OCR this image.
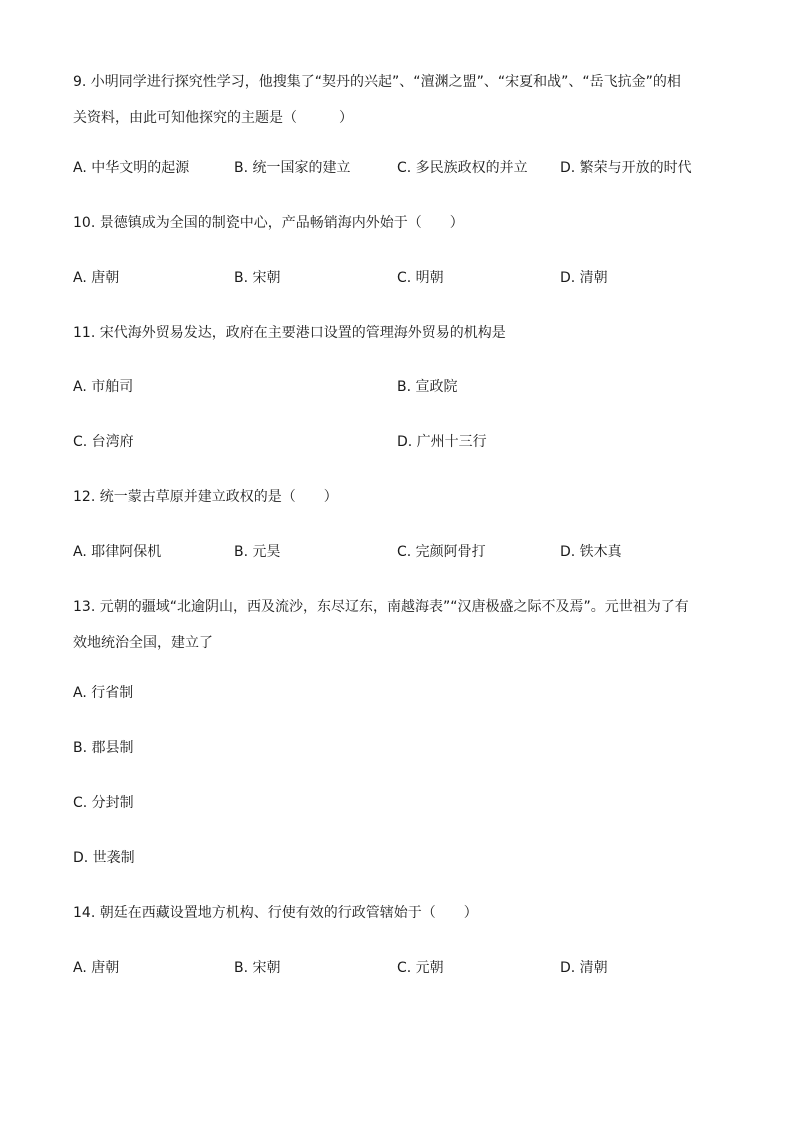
9. 小明同学进行探究性学习，他搜集了“契丹的兴起”、“澶渊之盟”、“宋夏和战”、“岳飞抗金”的相
关资料，由此可知他探究的主题是（　　　）
A. 中华文明的起源	B. 统一国家的建立	C. 多民族政权的并立 D. 繁荣与开放的时代
10. 景德镇成为全国的制瓷中心，产品畅销海内外始于（　　）
A. 唐朝	B. 宋朝	C. 明朝	D. 清朝
11. 宋代海外贸易发达，政府在主要港口设置的管理海外贸易的机构是
A. 市舶司	B. 宣政院
C. 台湾府	D. 广州十三行
12. 统一蒙古草原并建立政权的是（　　）
A. 耶律阿保机	B. 元昊	C. 完颜阿骨打	D. 铁木真
13. 元朝的疆域“北逾阴山，西及流沙，东尽辽东，南越海表”“汉唐极盛之际不及焉”。元世祖为了有
效地统治全国，建立了
A. 行省制
B. 郡县制
C. 分封制
D. 世袭制
14. 朝廷在西藏设置地方机构、行使有效的行政管辖始于（　　）
A. 唐朝	B. 宋朝	C. 元朝	D. 清朝
